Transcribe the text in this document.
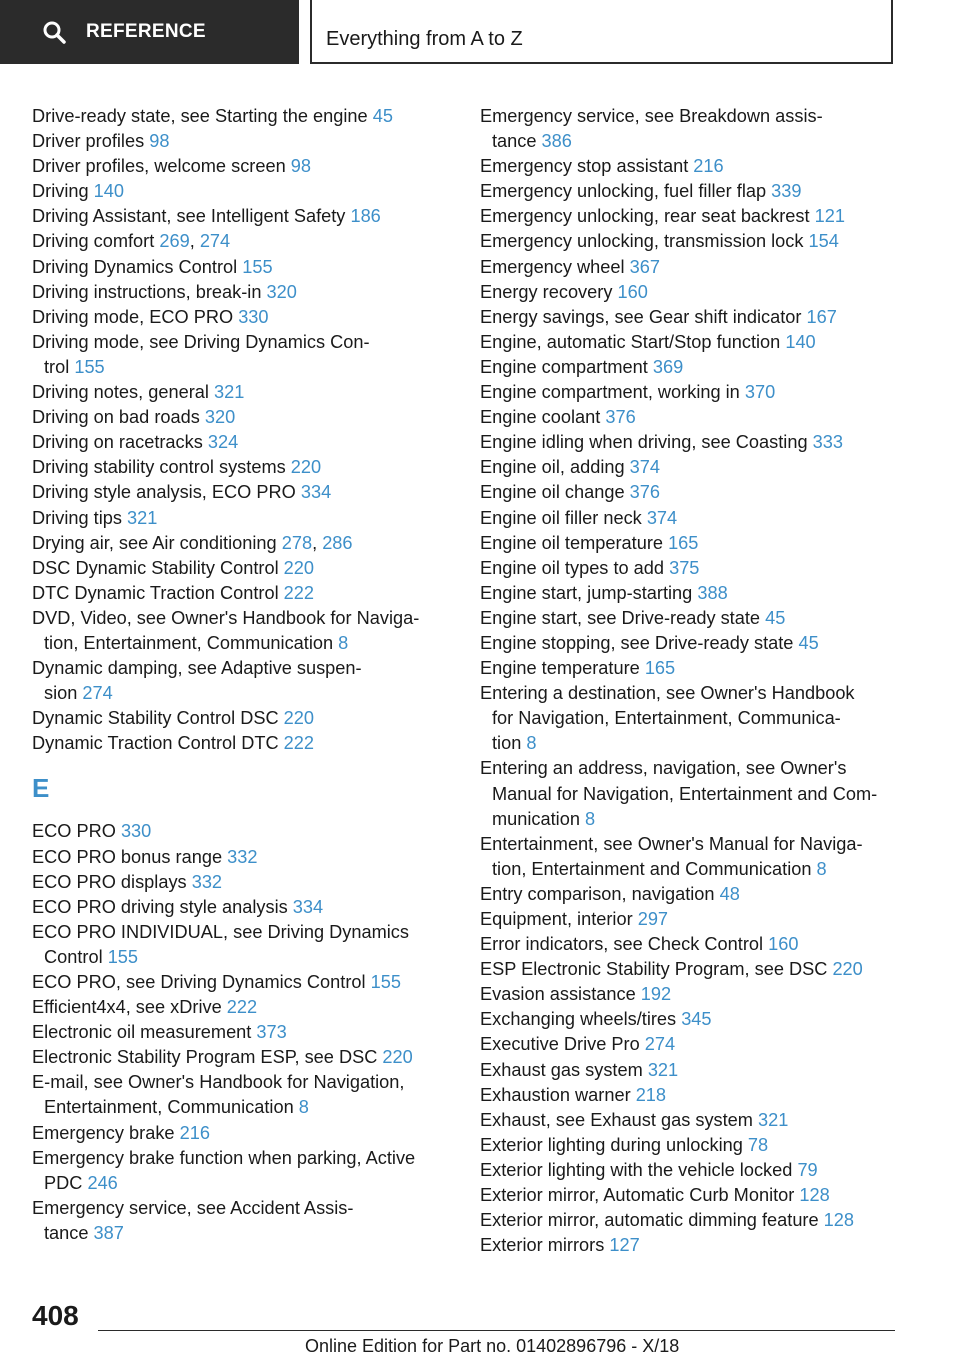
REFERENCE	Everything from A to Z
Drive-ready state, see Starting the engine 45
Driver profiles 98
Driver profiles, welcome screen 98
Driving 140
Driving Assistant, see Intelligent Safety 186
Driving comfort 269, 274
Driving Dynamics Control 155
Driving instructions, break-in 320
Driving mode, ECO PRO 330
Driving mode, see Driving Dynamics Con-
trol 155
Driving notes, general 321
Driving on bad roads 320
Driving on racetracks 324
Driving stability control systems 220
Driving style analysis, ECO PRO 334
Driving tips 321
Drying air, see Air conditioning 278, 286
DSC Dynamic Stability Control 220
DTC Dynamic Traction Control 222
DVD, Video, see Owner's Handbook for Naviga-
tion, Entertainment, Communication 8
Dynamic damping, see Adaptive suspen-
sion 274
Dynamic Stability Control DSC 220
Dynamic Traction Control DTC 222
E
ECO PRO 330
ECO PRO bonus range 332
ECO PRO displays 332
ECO PRO driving style analysis 334
ECO PRO INDIVIDUAL, see Driving Dynamics
Control 155
ECO PRO, see Driving Dynamics Control 155
Efficient4x4, see xDrive 222
Electronic oil measurement 373
Electronic Stability Program ESP, see DSC 220
E-mail, see Owner's Handbook for Navigation,
Entertainment, Communication 8
Emergency brake 216
Emergency brake function when parking, Active
PDC 246
Emergency service, see Accident Assis-
tance 387
Emergency service, see Breakdown assis-
tance 386
Emergency stop assistant 216
Emergency unlocking, fuel filler flap 339
Emergency unlocking, rear seat backrest 121
Emergency unlocking, transmission lock 154
Emergency wheel 367
Energy recovery 160
Energy savings, see Gear shift indicator 167
Engine, automatic Start/Stop function 140
Engine compartment 369
Engine compartment, working in 370
Engine coolant 376
Engine idling when driving, see Coasting 333
Engine oil, adding 374
Engine oil change 376
Engine oil filler neck 374
Engine oil temperature 165
Engine oil types to add 375
Engine start, jump-starting 388
Engine start, see Drive-ready state 45
Engine stopping, see Drive-ready state 45
Engine temperature 165
Entering a destination, see Owner's Handbook
for Navigation, Entertainment, Communica-
tion 8
Entering an address, navigation, see Owner's
Manual for Navigation, Entertainment and Com-
munication 8
Entertainment, see Owner's Manual for Naviga-
tion, Entertainment and Communication 8
Entry comparison, navigation 48
Equipment, interior 297
Error indicators, see Check Control 160
ESP Electronic Stability Program, see DSC 220
Evasion assistance 192
Exchanging wheels/tires 345
Executive Drive Pro 274
Exhaust gas system 321
Exhaustion warner 218
Exhaust, see Exhaust gas system 321
Exterior lighting during unlocking 78
Exterior lighting with the vehicle locked 79
Exterior mirror, Automatic Curb Monitor 128
Exterior mirror, automatic dimming feature 128
Exterior mirrors 127
408
Online Edition for Part no. 01402896796 - X/18
